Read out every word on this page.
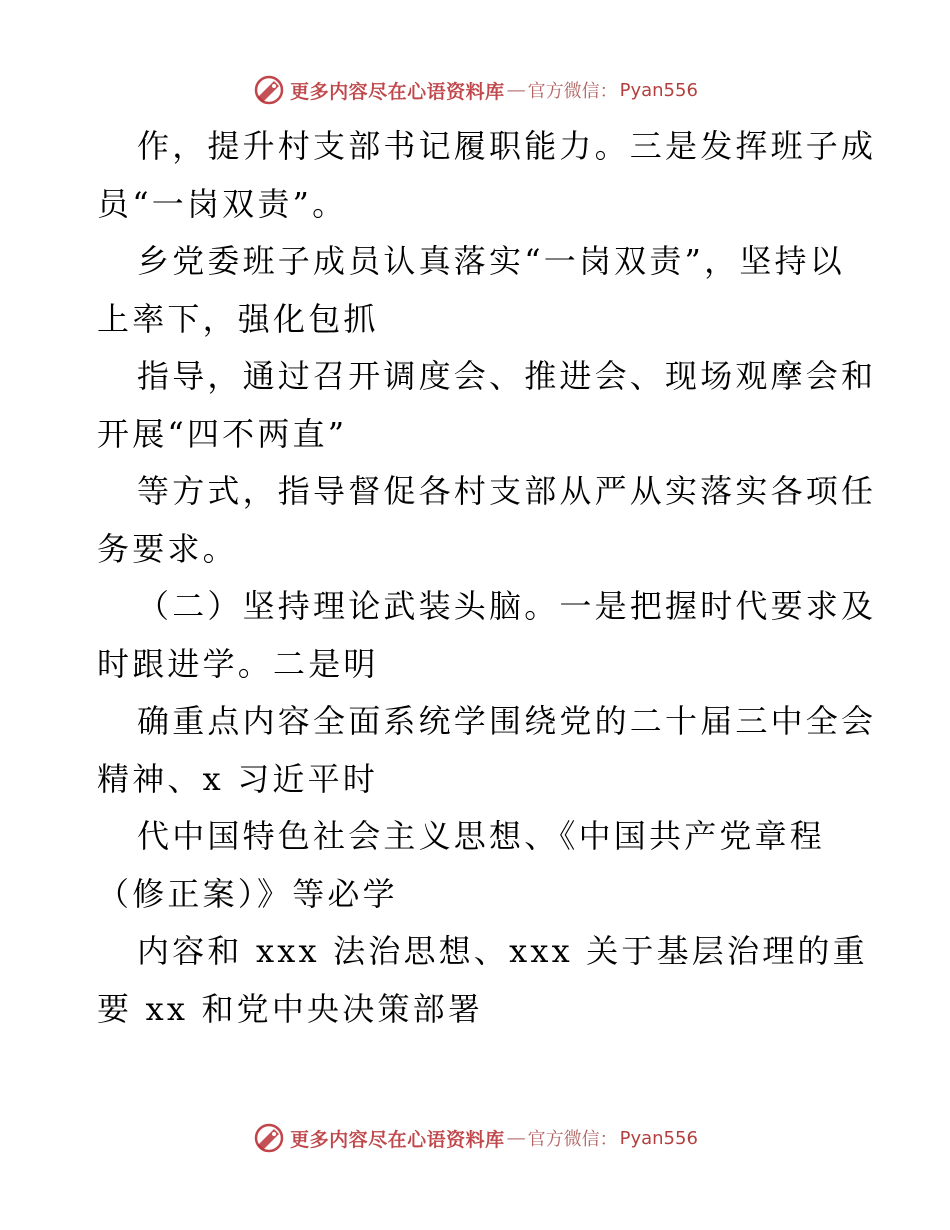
更多内容尽在心语资料库 — 官方微信： Pyan556
作，提升村支部书记履职能力。三是发挥班子成
员“一岗双责”。
乡党委班子成员认真落实“一岗双责”，坚持以
上率下，强化包抓
指导，通过召开调度会、推进会、现场观摩会和
开展“四不两直”
等方式，指导督促各村支部从严从实落实各项任
务要求。
（二）坚持理论武装头脑。一是把握时代要求及
时跟进学。二是明
确重点内容全面系统学围绕党的二十届三中全会
精神、x 习近平时
代中国特色社会主义思想、《中国共产党章程
（修正案）》等必学
内容和 xxx 法治思想、xxx 关于基层治理的重
要 xx 和党中央决策部署
更多内容尽在心语资料库 — 官方微信： Pyan556
